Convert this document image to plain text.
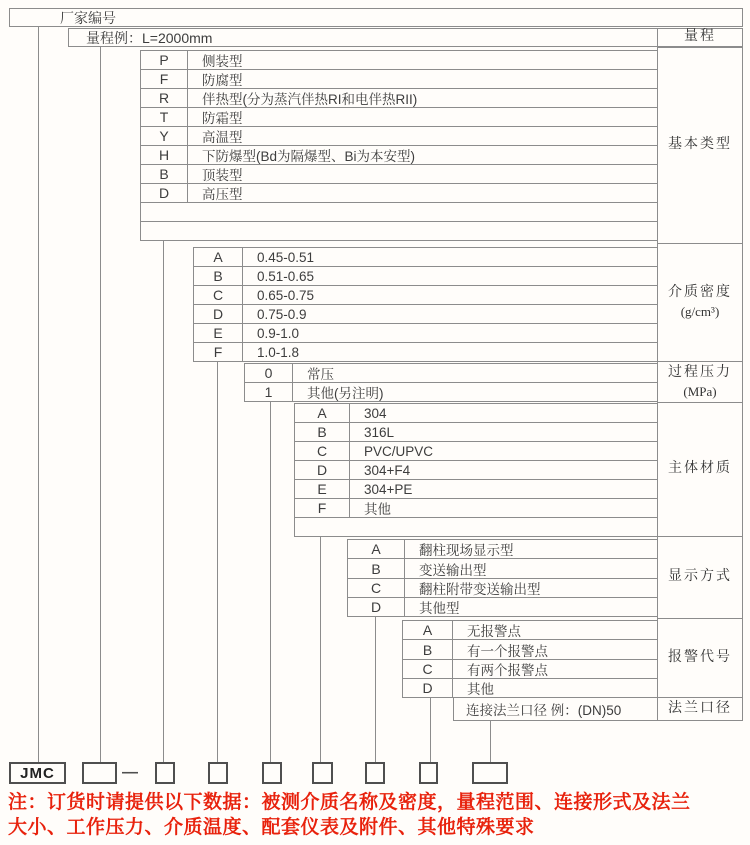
厂家编号
量程例：L=2000mm	量程
连接法兰口径 例：(DN)50	法兰口径
JMC	—
注：订货时请提供以下数据：被测介质名称及密度，量程范围、连接形式及法兰
大小、工作压力、介质温度、配套仪表及附件、其他特殊要求
P	侧装型
F	防腐型
R	伴热型(分为蒸汽伴热RI和电伴热RII)
T	防霜型
Y	高温型
H	下防爆型(Bd为隔爆型、Bi为本安型)
B	顶装型
D	高压型
基本类型
A	0.45-0.51
B	0.51-0.65
C	0.65-0.75
D	0.75-0.9
E	0.9-1.0
F	1.0-1.8
介质密度
(g/cm³)
0	常压
1	其他(另注明)
过程压力
(MPa)
A	304
B	316L
C	PVC/UPVC
D	304+F4
E	304+PE
F	其他
主体材质
A	翻柱现场显示型
B	变送输出型
C	翻柱附带变送输出型
D	其他型
显示方式
A	无报警点
B	有一个报警点
C	有两个报警点
D	其他
报警代号
